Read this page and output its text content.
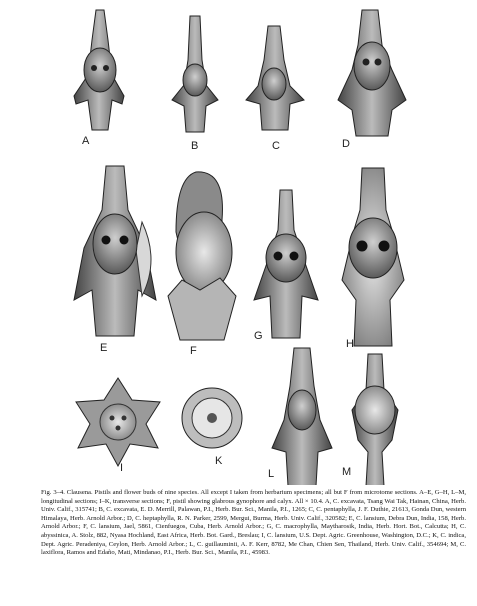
A	B	C	D
E	F
G
H
I
K
L	M
Fig. 3–4. Clausena. Pistils and flower buds of nine species. All except I taken from herbarium specimens; all but F from microtome sections. A–E, G–H, L–M, longitudinal sections; I–K, transverse sections; F, pistil showing glabrous gynophore and calyx. All × 10.4. A, C. excavata, Tsang Wai Tak, Hainan, China, Herb. Univ. Calif., 315741; B, C. excavata, E. D. Merrill, Palawan, P.I., Herb. Bur. Sci., Manila, P.I., 1265; C, C. pentaphylla, J. F. Duthie, 21613, Gonda Dun, western Himalaya, Herb. Arnold Arbor.; D, C. heptaphylla, R. N. Parker, 2599, Mergui, Burma, Herb. Univ. Calif., 320582; E, C. lansium, Debra Dun, India, 158, Herb. Arnold Arbor.; F, C. lansium, Jael, 5861, Cienfuegos, Cuba, Herb. Arnold Arbor.; G, C. macrophylla, Maytharosik, India, Herb. Hort. Bot., Calcutta; H, C. abyssinica, A. Stolz, 882, Nyasa Hochland, East Africa, Herb. Bot. Gard., Breslau; I, C. lansium, U.S. Dept. Agric. Greenhouse, Washington, D.C.; K, C. indica, Dept. Agric. Peradeniya, Ceylon, Herb. Arnold Arbor.; L, C. guillauminii, A. F. Kerr, 8782, Me Chan, Chien Sen, Thailand, Herb. Univ. Calif., 354694; M, C. laxiflora, Ramos and Edaño, Mati, Mindanao, P.I., Herb. Bur. Sci., Manila, P.I., 45983.
